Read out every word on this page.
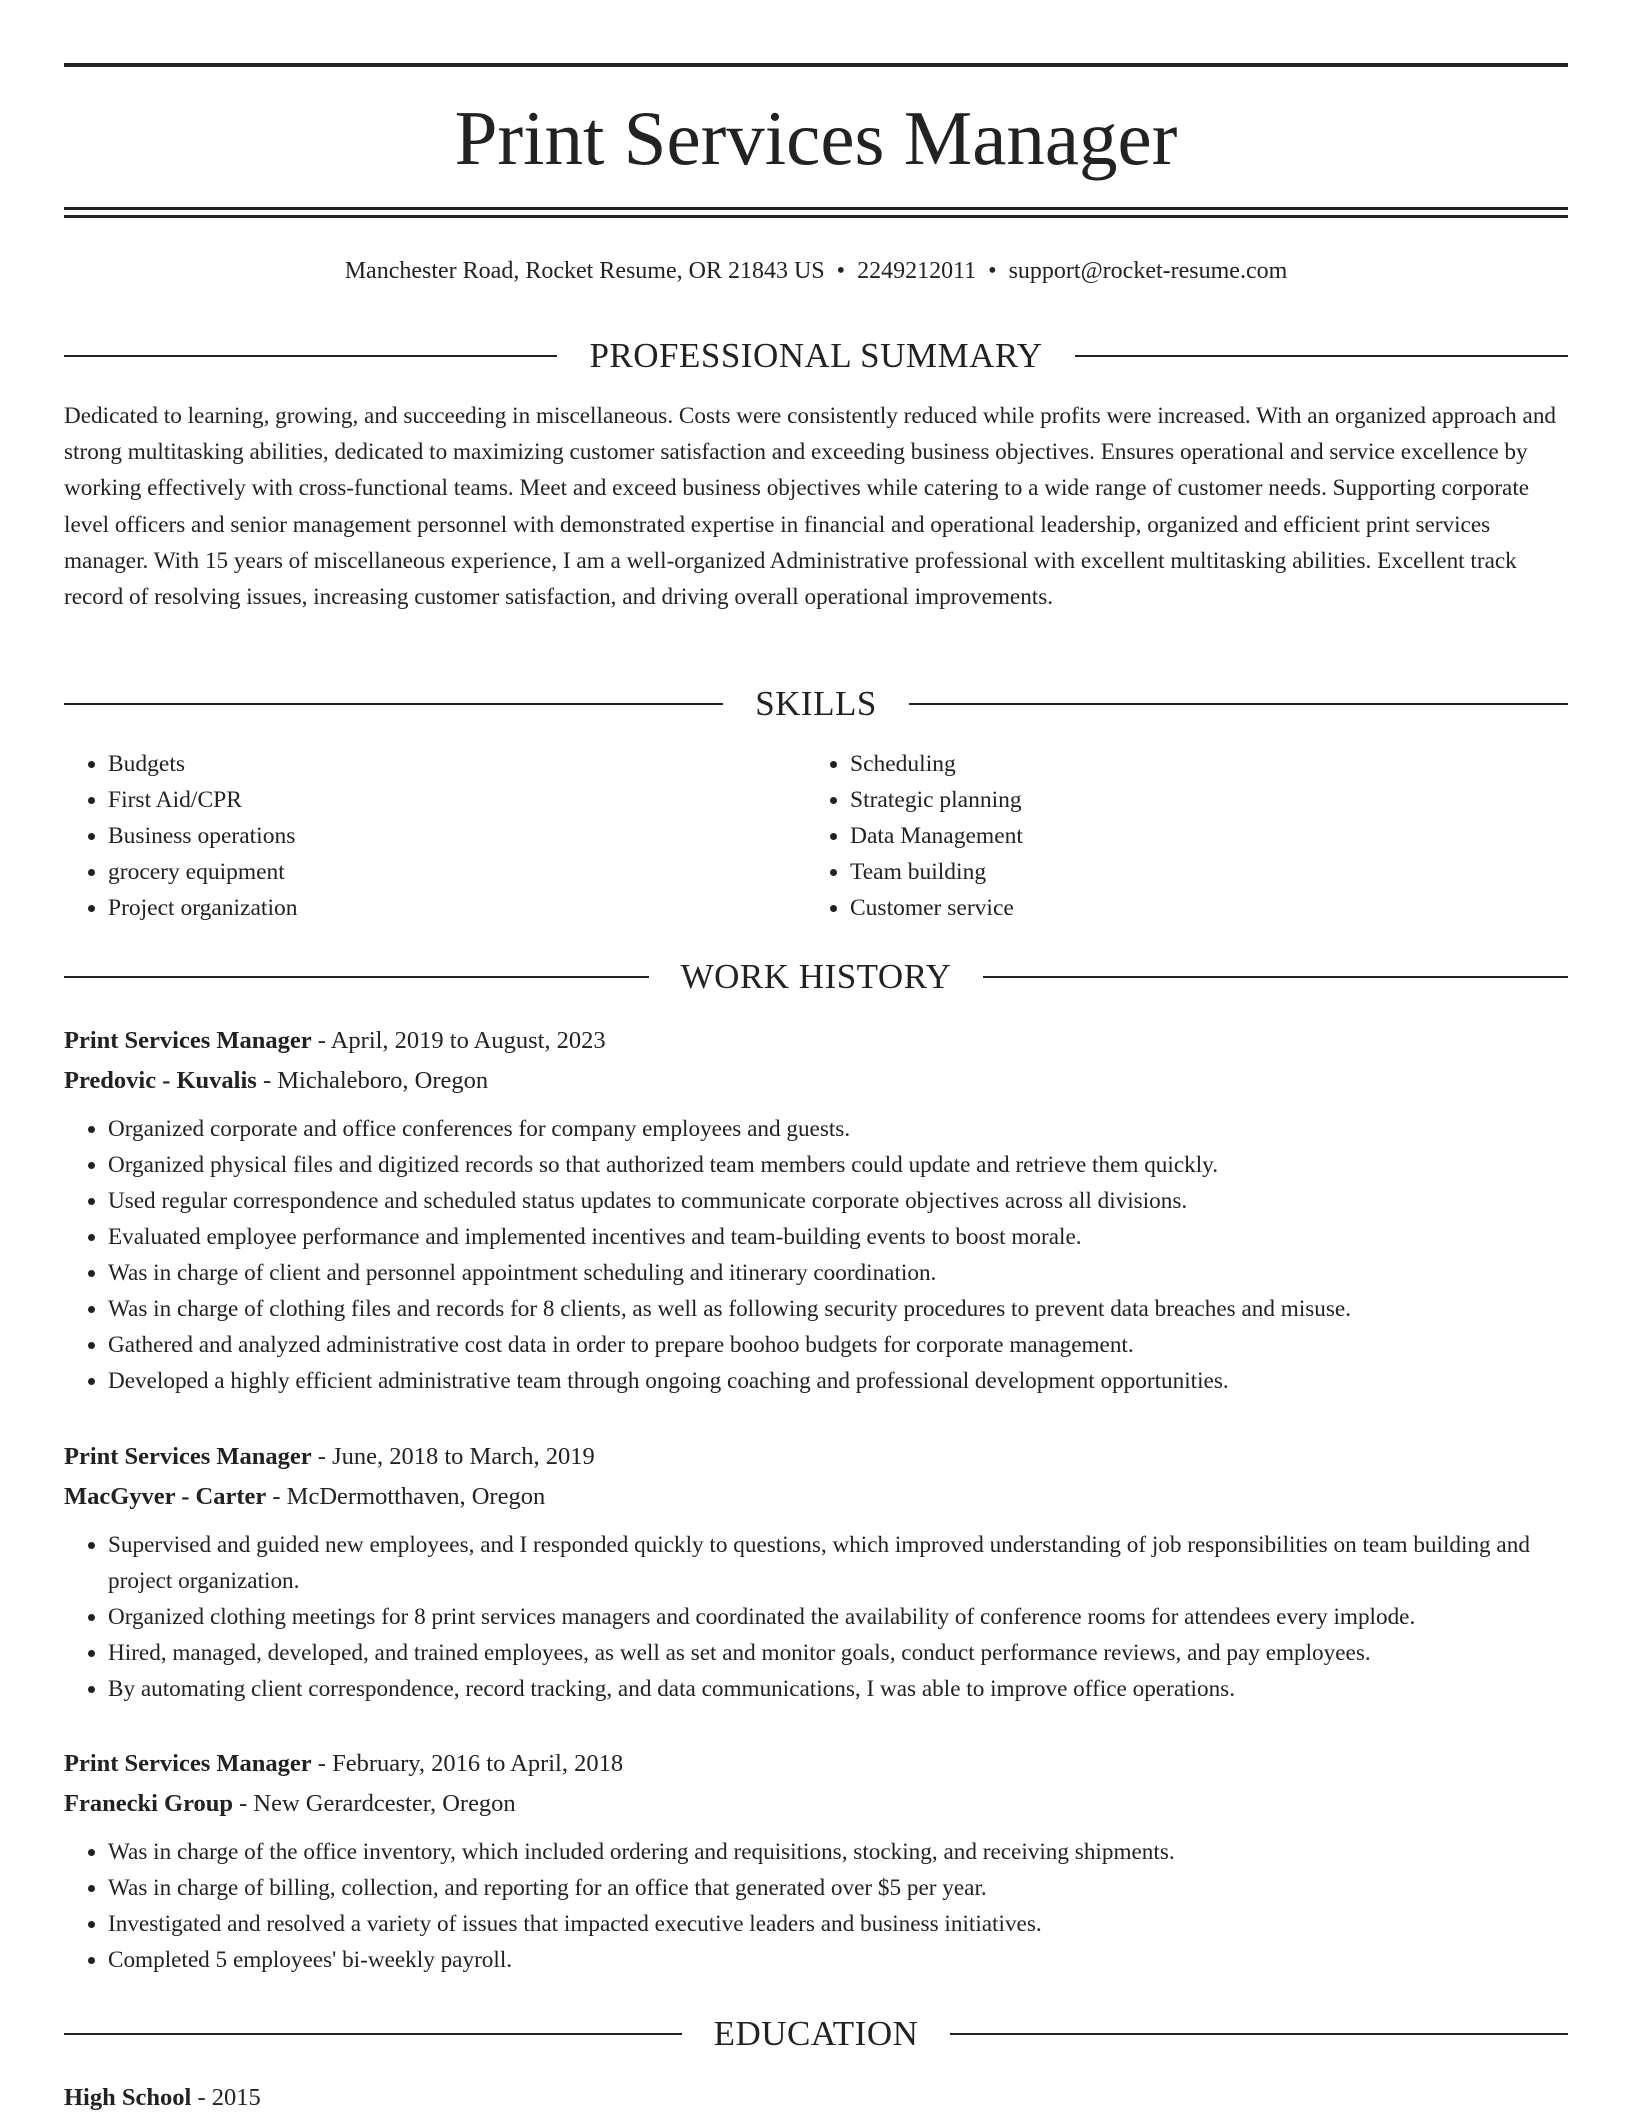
Print Services Manager
Manchester Road, Rocket Resume, OR 21843 US • 2249212011 • support@rocket-resume.com
PROFESSIONAL SUMMARY

Dedicated to learning, growing, and succeeding in miscellaneous. Costs were consistently reduced while profits were increased. With an organized approach and strong multitasking abilities, dedicated to maximizing customer satisfaction and exceeding business objectives. Ensures operational and service excellence by working effectively with cross-functional teams. Meet and exceed business objectives while catering to a wide range of customer needs. Supporting corporate level officers and senior management personnel with demonstrated expertise in financial and operational leadership, organized and efficient print services manager. With 15 years of miscellaneous experience, I am a well-organized Administrative professional with excellent multitasking abilities. Excellent track record of resolving issues, increasing customer satisfaction, and driving overall operational improvements.

SKILLS
• Budgets
• First Aid/CPR
• Business operations
• grocery equipment
• Project organization
• Scheduling
• Strategic planning
• Data Management
• Team building
• Customer service
WORK HISTORY
Print Services Manager - April, 2019 to August, 2023
Predovic - Kuvalis - Michaleboro, Oregon
• Organized corporate and office conferences for company employees and guests.
• Organized physical files and digitized records so that authorized team members could update and retrieve them quickly.
• Used regular correspondence and scheduled status updates to communicate corporate objectives across all divisions.
• Evaluated employee performance and implemented incentives and team-building events to boost morale.
• Was in charge of client and personnel appointment scheduling and itinerary coordination.
• Was in charge of clothing files and records for 8 clients, as well as following security procedures to prevent data breaches and misuse.
• Gathered and analyzed administrative cost data in order to prepare boohoo budgets for corporate management.
• Developed a highly efficient administrative team through ongoing coaching and professional development opportunities.
Print Services Manager - June, 2018 to March, 2019
MacGyver - Carter - McDermotthaven, Oregon
• Supervised and guided new employees, and I responded quickly to questions, which improved understanding of job responsibilities on team building and project organization.
• Organized clothing meetings for 8 print services managers and coordinated the availability of conference rooms for attendees every implode.
• Hired, managed, developed, and trained employees, as well as set and monitor goals, conduct performance reviews, and pay employees.
• By automating client correspondence, record tracking, and data communications, I was able to improve office operations.
Print Services Manager - February, 2016 to April, 2018
Franecki Group - New Gerardcester, Oregon
• Was in charge of the office inventory, which included ordering and requisitions, stocking, and receiving shipments.
• Was in charge of billing, collection, and reporting for an office that generated over $5 per year.
• Investigated and resolved a variety of issues that impacted executive leaders and business initiatives.
• Completed 5 employees' bi-weekly payroll.
EDUCATION
High School - 2015
